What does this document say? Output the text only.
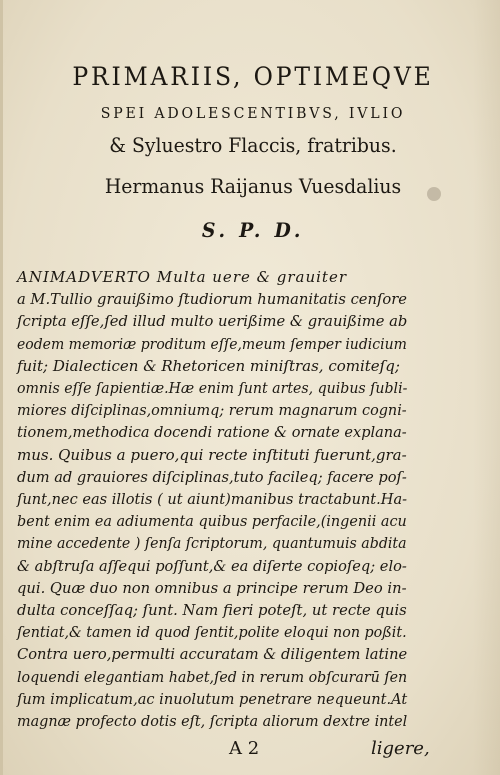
PRIMARIIS, OPTIMEQVE
SPEI ADOLESCENTIBVS, IVLIO
& Syluestro Flaccis, fratribus.
Hermanus Raijanus Vuesdalius
S. P. D.
ANIMADVERTO Multa uere & grauiter
a M.Tullio grauißimo ſtudiorum humanitatis cenſore
ſcripta eſſe,ſed illud multo uerißime & grauißime ab
eodem memoriæ proditum eſſe,meum ſemper iudicium
fuit; Dialecticen & Rhetoricen miniſtras, comiteſq;
omnis eſſe ſapientiæ.Hæ enim ſunt artes, quibus ſubli-
miores diſciplinas,omniumq; rerum magnarum cogni-
tionem,methodica docendi ratione & ornate explana-
mus. Quibus a puero,qui recte inſtituti fuerunt,gra-
dum ad grauiores diſciplinas,tuto facileq; facere poſ-
ſunt,nec eas illotis ( ut aiunt)manibus tractabunt.Ha-
bent enim ea adiumenta quibus perfacile,(ingenii acu
mine accedente ) ſenſa ſcriptorum, quantumuis abdita
& abſtruſa aſſequi poſſunt,& ea diſerte copioſeq; elo-
qui. Quæ duo non omnibus a principe rerum Deo in-
dulta conceſſaq; ſunt. Nam fieri poteſt, ut recte quis
ſentiat,& tamen id quod ſentit,polite eloqui non poßit.
Contra uero,permulti accuratam & diligentem latine
loquendi elegantiam habet,ſed in rerum obſcurarū ſen
ſum implicatum,ac inuolutum penetrare nequeunt.At
magnæ profecto dotis eſt, ſcripta aliorum dextre intel
A 2	ligere,
